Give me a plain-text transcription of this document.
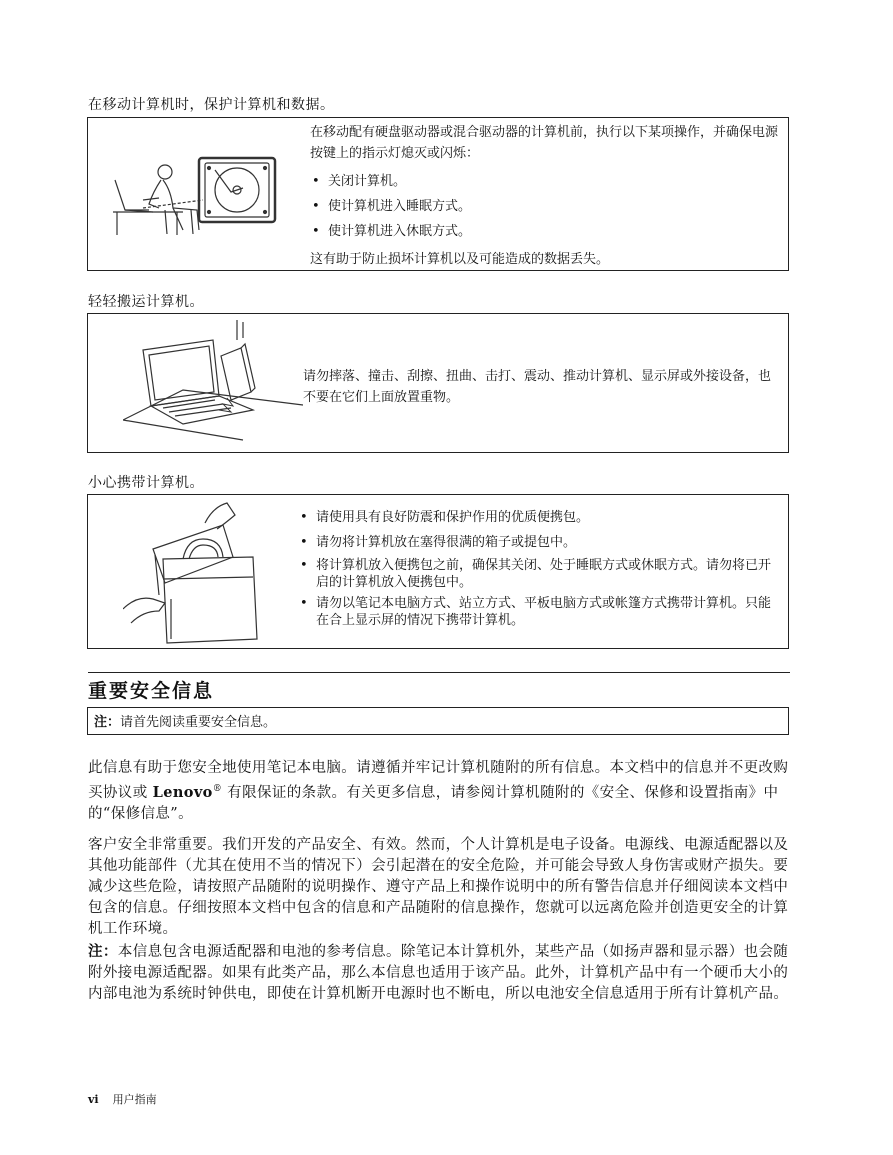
在移动计算机时，保护计算机和数据。

在移动配有硬盘驱动器或混合驱动器的计算机前，执行以下某项操作，并确保电源按键上的指示灯熄灭或闪烁：

• 关闭计算机。
• 使计算机进入睡眠方式。
• 使计算机进入休眠方式。

这有助于防止损坏计算机以及可能造成的数据丢失。

轻轻搬运计算机。
请勿摔落、撞击、刮擦、扭曲、击打、震动、推动计算机、显示屏或外接设备，也不要在它们上面放置重物。
小心携带计算机。
• 请使用具有良好防震和保护作用的优质便携包。
• 请勿将计算机放在塞得很满的箱子或提包中。
• 将计算机放入便携包之前，确保其关闭、处于睡眠方式或休眠方式。请勿将已开启的计算机放入便携包中。
• 请勿以笔记本电脑方式、站立方式、平板电脑方式或帐篷方式携带计算机。只能在合上显示屏的情况下携带计算机。
重要安全信息
注：请首先阅读重要安全信息。
此信息有助于您安全地使用笔记本电脑。请遵循并牢记计算机随附的所有信息。本文档中的信息并不更改购买协议或 Lenovo® 有限保证的条款。有关更多信息，请参阅计算机随附的《安全、保修和设置指南》中的“保修信息”。
客户安全非常重要。我们开发的产品安全、有效。然而，个人计算机是电子设备。电源线、电源适配器以及其他功能部件（尤其在使用不当的情况下）会引起潜在的安全危险，并可能会导致人身伤害或财产损失。要减少这些危险，请按照产品随附的说明操作、遵守产品上和操作说明中的所有警告信息并仔细阅读本文档中包含的信息。仔细按照本文档中包含的信息和产品随附的信息操作，您就可以远离危险并创造更安全的计算机工作环境。
注：本信息包含电源适配器和电池的参考信息。除笔记本计算机外，某些产品（如扬声器和显示器）也会随附外接电源适配器。如果有此类产品，那么本信息也适用于该产品。此外，计算机产品中有一个硬币大小的内部电池为系统时钟供电，即使在计算机断开电源时也不断电，所以电池安全信息适用于所有计算机产品。
vi 用户指南
